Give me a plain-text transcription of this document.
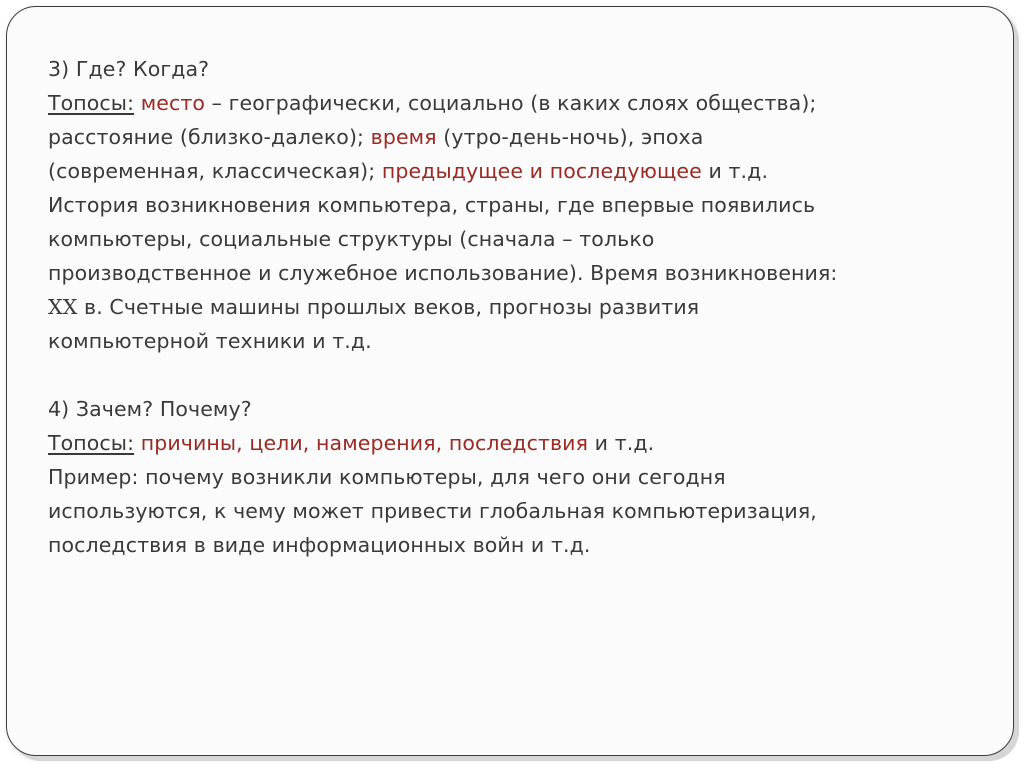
3) Где? Когда?

Топосы: место – географически, социально (в каких слоях общества);

расстояние (близко-далеко); время (утро-день-ночь), эпоха

(современная, классическая); предыдущее и последующее и т.д.

История возникновения компьютера, страны, где впервые появились

компьютеры, социальные структуры (сначала – только

производственное и служебное использование). Время возникновения:

XX в. Счетные машины прошлых веков, прогнозы развития

компьютерной техники и т.д.

4) Зачем? Почему?

Топосы: причины, цели, намерения, последствия и т.д.

Пример: почему возникли компьютеры, для чего они сегодня

используются, к чему может привести глобальная компьютеризация,

последствия в виде информационных войн и т.д.
